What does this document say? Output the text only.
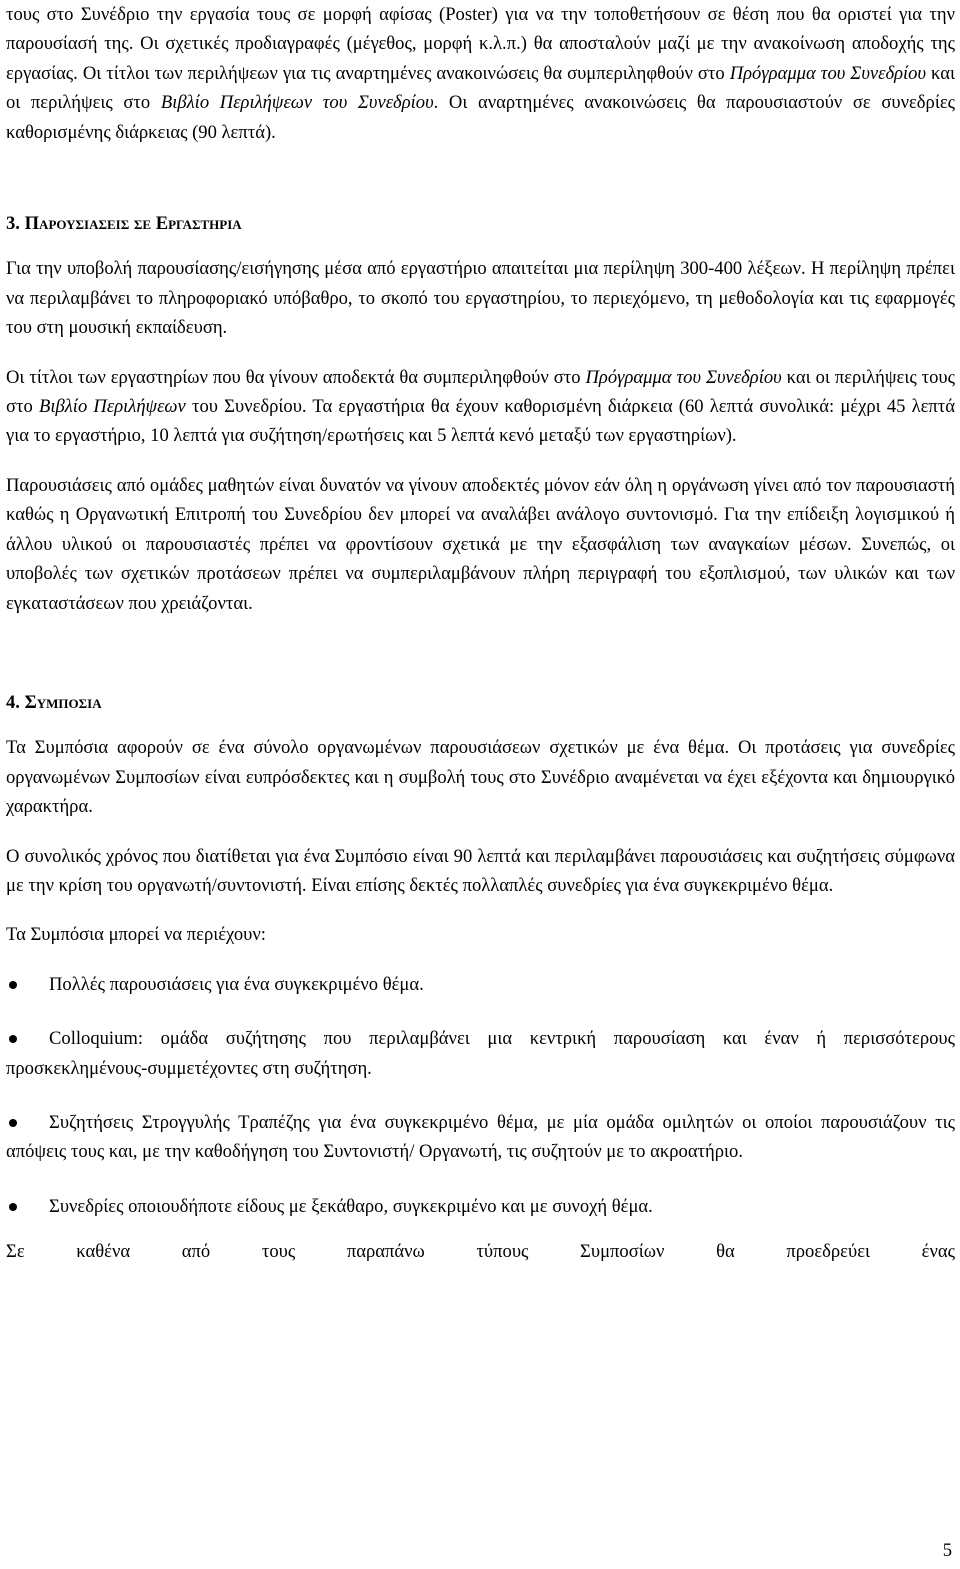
τους στο Συνέδριο την εργασία τους σε μορφή αφίσας (Poster) για να την τοποθετήσουν σε θέση που θα οριστεί για την παρουσίασή της. Οι σχετικές προδιαγραφές (μέγεθος, μορφή κ.λ.π.) θα αποσταλούν μαζί με την ανακοίνωση αποδοχής της εργασίας. Οι τίτλοι των περιλήψεων για τις αναρτημένες ανακοινώσεις θα συμπεριληφθούν στο Πρόγραμμα του Συνεδρίου και οι περιλήψεις στο Βιβλίο Περιλήψεων του Συνεδρίου. Οι αναρτημένες ανακοινώσεις θα παρουσιαστούν σε συνεδρίες καθορισμένης διάρκειας (90 λεπτά).

3. Παρουσιασεισ σε Εργαστηρια

Για την υποβολή παρουσίασης/εισήγησης μέσα από εργαστήριο απαιτείται μια περίληψη 300-400 λέξεων. Η περίληψη πρέπει να περιλαμβάνει το πληροφοριακό υπόβαθρο, το σκοπό του εργαστηρίου, το περιεχόμενο, τη μεθοδολογία και τις εφαρμογές του στη μουσική εκπαίδευση.

Οι τίτλοι των εργαστηρίων που θα γίνουν αποδεκτά θα συμπεριληφθούν στο Πρόγραμμα του Συνεδρίου και οι περιλήψεις τους στο Βιβλίο Περιλήψεων του Συνεδρίου. Τα εργαστήρια θα έχουν καθορισμένη διάρκεια (60 λεπτά συνολικά: μέχρι 45 λεπτά για το εργαστήριο, 10 λεπτά για συζήτηση/ερωτήσεις και 5 λεπτά κενό μεταξύ των εργαστηρίων).

Παρουσιάσεις από ομάδες μαθητών είναι δυνατόν να γίνουν αποδεκτές μόνον εάν όλη η οργάνωση γίνει από τον παρουσιαστή καθώς η Οργανωτική Επιτροπή του Συνεδρίου δεν μπορεί να αναλάβει ανάλογο συντονισμό. Για την επίδειξη λογισμικού ή άλλου υλικού οι παρουσιαστές πρέπει να φροντίσουν σχετικά με την εξασφάλιση των αναγκαίων μέσων. Συνεπώς, οι υποβολές των σχετικών προτάσεων πρέπει να συμπεριλαμβάνουν πλήρη περιγραφή του εξοπλισμού, των υλικών και των εγκαταστάσεων που χρειάζονται.

4. Συμποσια

Τα Συμπόσια αφορούν σε ένα σύνολο οργανωμένων παρουσιάσεων σχετικών με ένα θέμα. Οι προτάσεις για συνεδρίες οργανωμένων Συμποσίων είναι ευπρόσδεκτες και η συμβολή τους στο Συνέδριο αναμένεται να έχει εξέχοντα και δημιουργικό χαρακτήρα.

Ο συνολικός χρόνος που διατίθεται για ένα Συμπόσιο είναι 90 λεπτά και περιλαμβάνει παρουσιάσεις και συζητήσεις σύμφωνα με την κρίση του οργανωτή/συντονιστή. Είναι επίσης δεκτές πολλαπλές συνεδρίες για ένα συγκεκριμένο θέμα.

Τα Συμπόσια μπορεί να περιέχουν:

Πολλές παρουσιάσεις για ένα συγκεκριμένο θέμα.
Colloquium: ομάδα συζήτησης που περιλαμβάνει μια κεντρική παρουσίαση και έναν ή περισσότερους προσκεκλημένους-συμμετέχοντες στη συζήτηση.
Συζητήσεις Στρογγυλής Τραπέζης για ένα συγκεκριμένο θέμα, με μία ομάδα ομιλητών οι οποίοι παρουσιάζουν τις απόψεις τους και, με την καθοδήγηση του Συντονιστή/ Οργανωτή, τις συζητούν με το ακροατήριο.
Συνεδρίες οποιουδήποτε είδους με ξεκάθαρο, συγκεκριμένο και με συνοχή θέμα.

Σε καθένα από τους παραπάνω τύπους Συμποσίων θα προεδρεύει ένας

5
